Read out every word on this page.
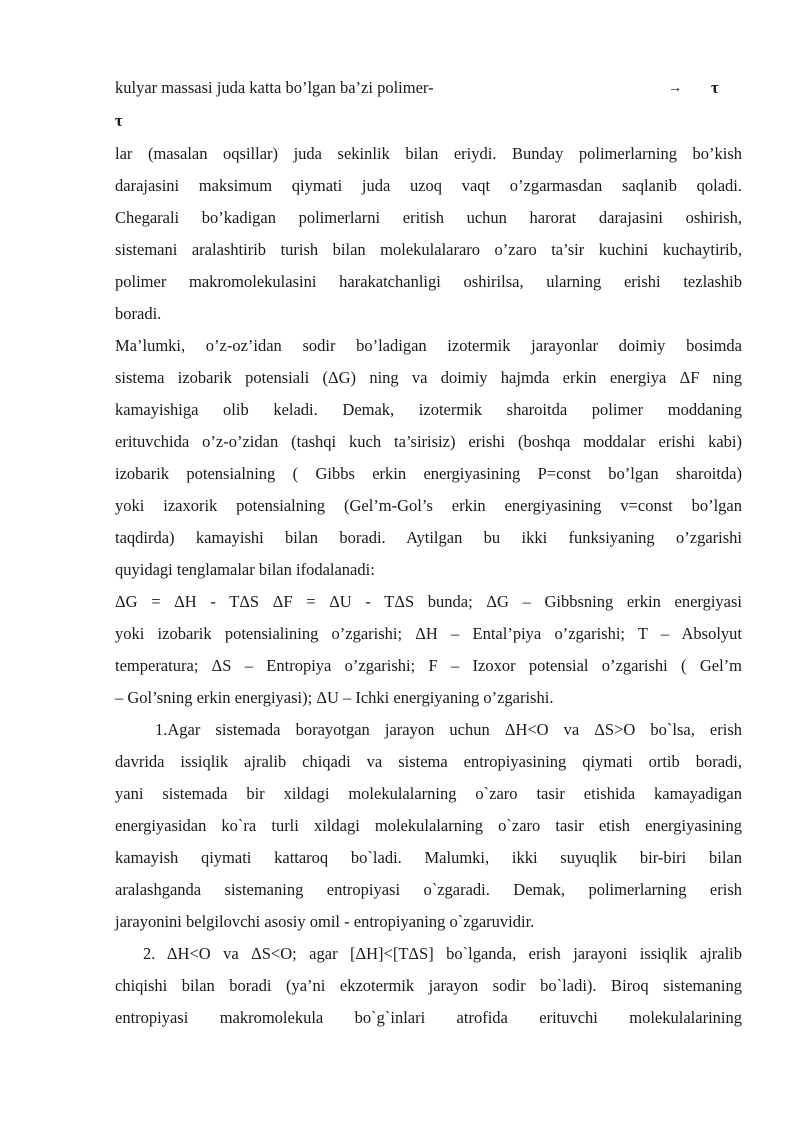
kulyar massasi juda katta bo’lgan ba’zi polimer-	→ τ
τ
lar (masalan oqsillar) juda sekinlik bilan eriydi. Bunday polimerlarning bo’kish
darajasini maksimum qiymati juda uzoq vaqt o’zgarmasdan saqlanib qoladi.
Chegarali bo’kadigan polimerlarni eritish uchun harorat darajasini oshirish,
sistemani aralashtirib turish bilan molekulalararo o’zaro ta’sir kuchini kuchaytirib,
polimer makromolekulasini harakatchanligi oshirilsa, ularning erishi tezlashib
boradi.
Ma’lumki, o’z-oz’idan sodir bo’ladigan izotermik jarayonlar doimiy bosimda
sistema izobarik potensiali (ΔG) ning va doimiy hajmda erkin energiya ΔF ning
kamayishiga olib keladi. Demak, izotermik sharoitda polimer moddaning
erituvchida o’z-o’zidan (tashqi kuch ta’sirisiz) erishi (boshqa moddalar erishi kabi)
izobarik potensialning ( Gibbs erkin energiyasining P=const bo’lgan sharoitda)
yoki izaxorik potensialning (Gel’m-Gol’s erkin energiyasining v=const bo’lgan
taqdirda) kamayishi bilan boradi. Aytilgan bu ikki funksiyaning o’zgarishi
quyidagi tenglamalar bilan ifodalanadi:
ΔG = ΔH - TΔS ΔF = ΔU - TΔS bunda; ΔG – Gibbsning erkin energiyasi
yoki izobarik potensialining o’zgarishi; ΔH – Ental’piya o’zgarishi; T – Absolyut
temperatura; ΔS – Entropiya o’zgarishi; F – Izoxor potensial o’zgarishi ( Gel’m
– Gol’sning erkin energiyasi); ΔU – Ichki energiyaning o’zgarishi.
1.Agar sistemada borayotgan jarayon uchun ΔH<O va ΔS>O bo`lsa, erish
davrida issiqlik ajralib chiqadi va sistema entropiyasining qiymati ortib boradi,
yani sistemada bir xildagi molekulalarning o`zaro tasir etishida kamayadigan
energiyasidan ko`ra turli xildagi molekulalarning o`zaro tasir etish energiyasining
kamayish qiymati kattaroq bo`ladi. Malumki, ikki suyuqlik bir-biri bilan
aralashganda sistemaning entropiyasi o`zgaradi. Demak, polimerlarning erish
jarayonini belgilovchi asosiy omil - entropiyaning o`zgaruvidir.
2. ΔH<O va ΔS<O; agar [ΔH]<[TΔS] bo`lganda, erish jarayoni issiqlik ajralib
chiqishi bilan boradi (ya’ni ekzotermik jarayon sodir bo`ladi). Biroq sistemaning
entropiyasi makromolekula bo`g`inlari atrofida erituvchi molekulalarining
